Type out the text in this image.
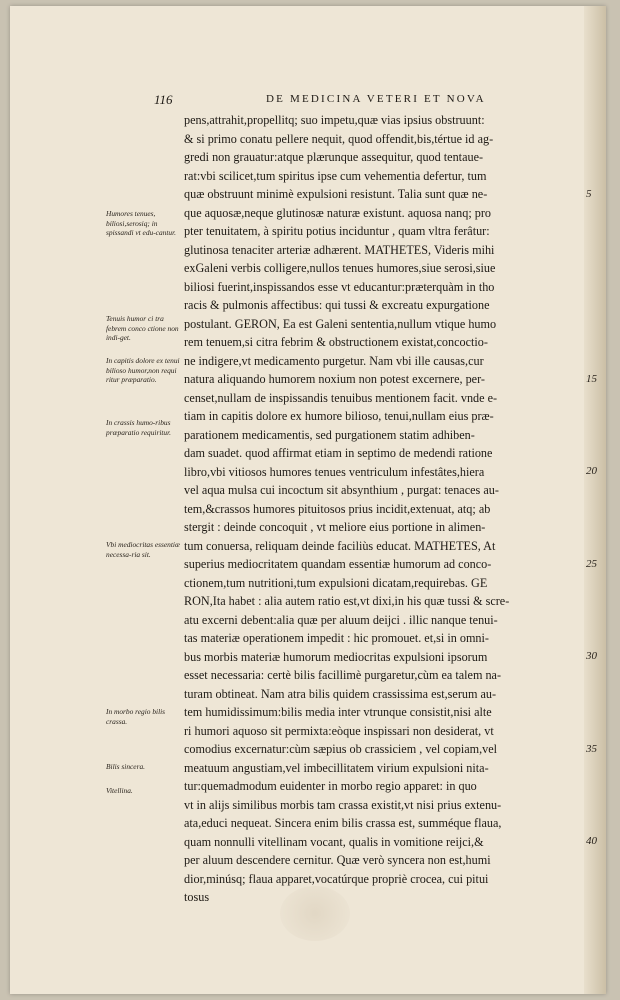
116	DE MEDICINA VETERI ET NOVA
Humores tenues, biliosi,serosiq; in spissandi vt edu-cantur.
Tenuis humor ci tra febrem conco ctione non indi-get.
In capitis dolore ex tenui bilioso humor,non requi ritur præparatio.
In crassis humo-ribus præparatio requiritur.
Vbi mediocritas essentiæ necessa-ria sit.
In morbo regio bilis crassa.
Bilis sincera.
Vitellina.
pens,attrahit,propellitq; suo impetu,quæ vias ipsius obstruunt:
& si primo conatu pellere nequit, quod offendit,bis,tértue id ag-
gredi non grauatur:atque plærunque assequitur, quod tentaue-
rat:vbi scilicet,tum spiritus ipse cum vehementia defertur, tum
quæ obstruunt minimè expulsioni resistunt. Talia sunt quæ ne-
que aquosæ,neque glutinosæ naturæ existunt. aquosa nanq; pro
pter tenuitatem, à spiritu potius inciduntur , quam vltra ferâtur:
glutinosa tenaciter arteriæ adhærent. MATHETES, Videris mihi
exGaleni verbis colligere,nullos tenues humores,siue serosi,siue
biliosi fuerint,inspissandos esse vt educantur:præterquàm in tho
racis & pulmonis affectibus: qui tussi & excreatu expurgatione
postulant. GERON, Ea est Galeni sententia,nullum vtique humo
rem tenuem,si citra febrim & obstructionem existat,concoctio-
ne indigere,vt medicamento purgetur. Nam vbi ille causas,cur
natura aliquando humorem noxium non potest excernere, per-
censet,nullam de inspissandis tenuibus mentionem facit. vnde e-
tiam in capitis dolore ex humore bilioso, tenui,nullam eius præ-
parationem medicamentis, sed purgationem statim adhiben-
dam suadet. quod affirmat etiam in septimo de medendi ratione
libro,vbi vitiosos humores tenues ventriculum infestâtes,hiera
vel aqua mulsa cui incoctum sit absynthium , purgat: tenaces au-
tem,&crassos humores pituitosos prius incidit,extenuat, atq; ab
stergit : deinde concoquit , vt meliore eius portione in alimen-
tum conuersa, reliquam deinde faciliùs educat. MATHETES, At
superius mediocritatem quandam essentiæ humorum ad conco-
ctionem,tum nutritioni,tum expulsioni dicatam,requirebas. GE
RON,Ita habet : alia autem ratio est,vt dixi,in his quæ tussi & scre-
atu excerni debent:alia quæ per aluum deijci . illic nanque tenui-
tas materiæ operationem impedit : hic promouet. et,si in omni-
bus morbis materiæ humorum mediocritas expulsioni ipsorum
esset necessaria: certè bilis facillimè purgaretur,cùm ea talem na-
turam obtineat. Nam atra bilis quidem crassissima est,serum au-
tem humidissimum:bilis media inter vtrunque consistit,nisi alte
ri humori aquoso sit permixta:eòque inspissari non desiderat, vt
comodius excernatur:cùm sæpius ob crassiciem , vel copiam,vel
meatuum angustiam,vel imbecillitatem virium expulsioni nita-
tur:quemadmodum euidenter in morbo regio apparet: in quo
vt in alijs similibus morbis tam crassa existit,vt nisi prius extenu-
ata,educi nequeat. Sincera enim bilis crassa est, summéque flaua,
quam nonnulli vitellinam vocant, qualis in vomitione reijci,&
per aluum descendere cernitur. Quæ verò syncera non est,humi
dior,minúsq; flaua apparet,vocatúrque propriè crocea, cui pitui
tosus
5
15
20
25
30
35
40
